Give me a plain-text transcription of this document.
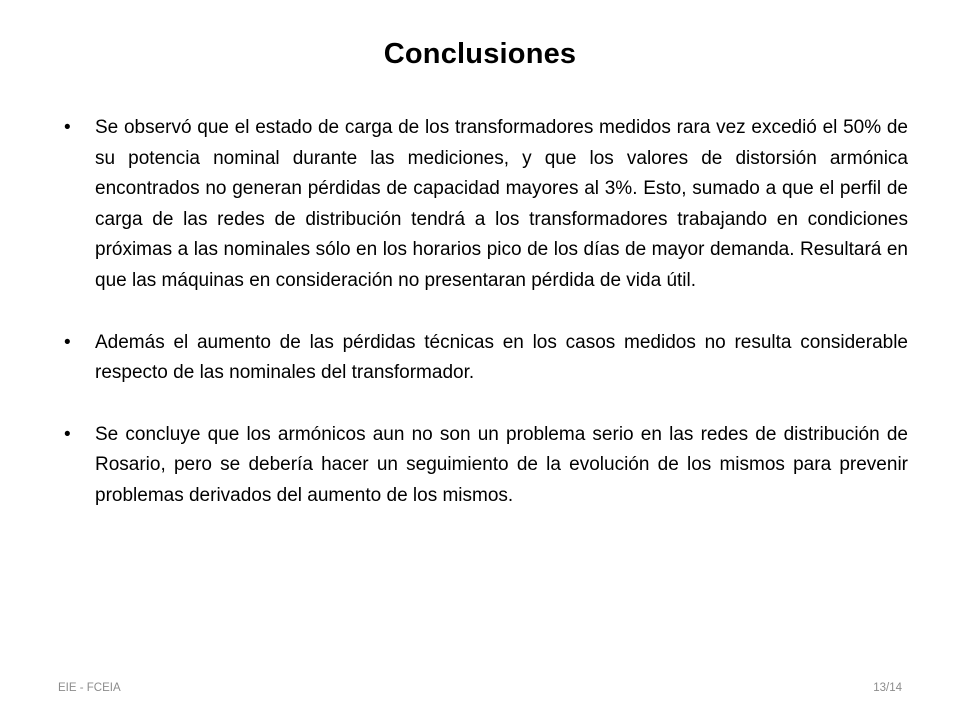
Conclusiones
• Se observó que el estado de carga de los transformadores medidos rara vez excedió el 50% de su potencia nominal durante las mediciones, y que los valores de distorsión armónica encontrados no generan pérdidas de capacidad mayores al 3%. Esto, sumado a que el perfil de carga de las redes de distribución tendrá a los transformadores trabajando en condiciones próximas a las nominales sólo en los horarios pico de los días de mayor demanda. Resultará en que las máquinas en consideración no presentaran pérdida de vida útil.
• Además el aumento de las pérdidas técnicas en los casos medidos no resulta considerable respecto de las nominales del transformador.
• Se concluye que los armónicos aun no son un problema serio en las redes de distribución de Rosario, pero se debería hacer un seguimiento de la evolución de los mismos para prevenir problemas derivados del aumento de los mismos.
EIE - FCEIA	13/14
